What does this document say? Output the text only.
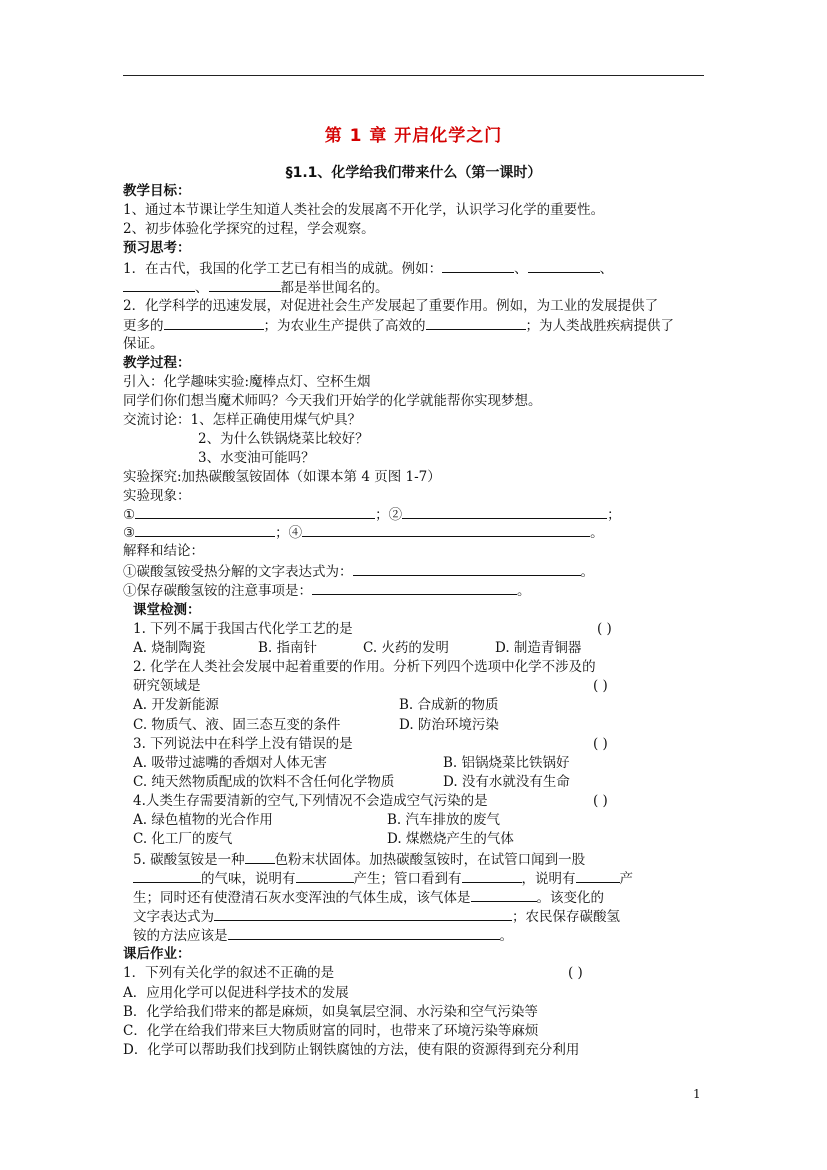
第 1 章 开启化学之门
§1.1、化学给我们带来什么（第一课时）
教学目标：
1、通过本节课让学生知道人类社会的发展离不开化学，认识学习化学的重要性。
2、初步体验化学探究的过程，学会观察。
预习思考：
1．在古代，我国的化学工艺已有相当的成就。例如：	、	、
、	都是举世闻名的。
2．化学科学的迅速发展，对促进社会生产发展起了重要作用。例如，为工业的发展提供了
更多的	；为农业生产提供了高效的	；为人类战胜疾病提供了
保证。
教学过程：
引入：化学趣味实验:魔棒点灯、空杯生烟
同学们你们想当魔术师吗？今天我们开始学的化学就能帮你实现梦想。
交流讨论：1、怎样正确使用煤气炉具？
2、为什么铁锅烧菜比较好？
3、水变油可能吗？
实验探究:加热碳酸氢铵固体（如课本第 4 页图 1-7）
实验现象：
①	；②	；
③	；④	。
解释和结论：
①碳酸氢铵受热分解的文字表达式为：	。
①保存碳酸氢铵的注意事项是：	。
课堂检测：
1. 下列不属于我国古代化学工艺的是	( )
A. 烧制陶瓷	B. 指南针	C. 火药的发明	D. 制造青铜器
2. 化学在人类社会发展中起着重要的作用。分析下列四个选项中化学不涉及的
研究领域是	( )
A. 开发新能源	B. 合成新的物质
C. 物质气、液、固三态互变的条件	D. 防治环境污染
3. 下列说法中在科学上没有错误的是	( )
A. 吸带过滤嘴的香烟对人体无害	B. 铝锅烧菜比铁锅好
C. 纯天然物质配成的饮料不含任何化学物质	D. 没有水就没有生命
4.人类生存需要清新的空气,下列情况不会造成空气污染的是	( )
A. 绿色植物的光合作用	B. 汽车排放的废气
C. 化工厂的废气	D. 煤燃烧产生的气体
5. 碳酸氢铵是一种 色粉末状固体。加热碳酸氢铵时，在试管口闻到一股
的气味，说明有	产生；管口看到有	，说明有	产
生；同时还有使澄清石灰水变浑浊的气体生成，该气体是	。该变化的
文字表达式为	；农民保存碳酸氢
铵的方法应该是	。
课后作业：
1．下列有关化学的叙述不正确的是	( )
A．应用化学可以促进科学技术的发展
B．化学给我们带来的都是麻烦，如臭氧层空洞、水污染和空气污染等
C．化学在给我们带来巨大物质财富的同时，也带来了环境污染等麻烦
D．化学可以帮助我们找到防止钢铁腐蚀的方法，使有限的资源得到充分利用
1
